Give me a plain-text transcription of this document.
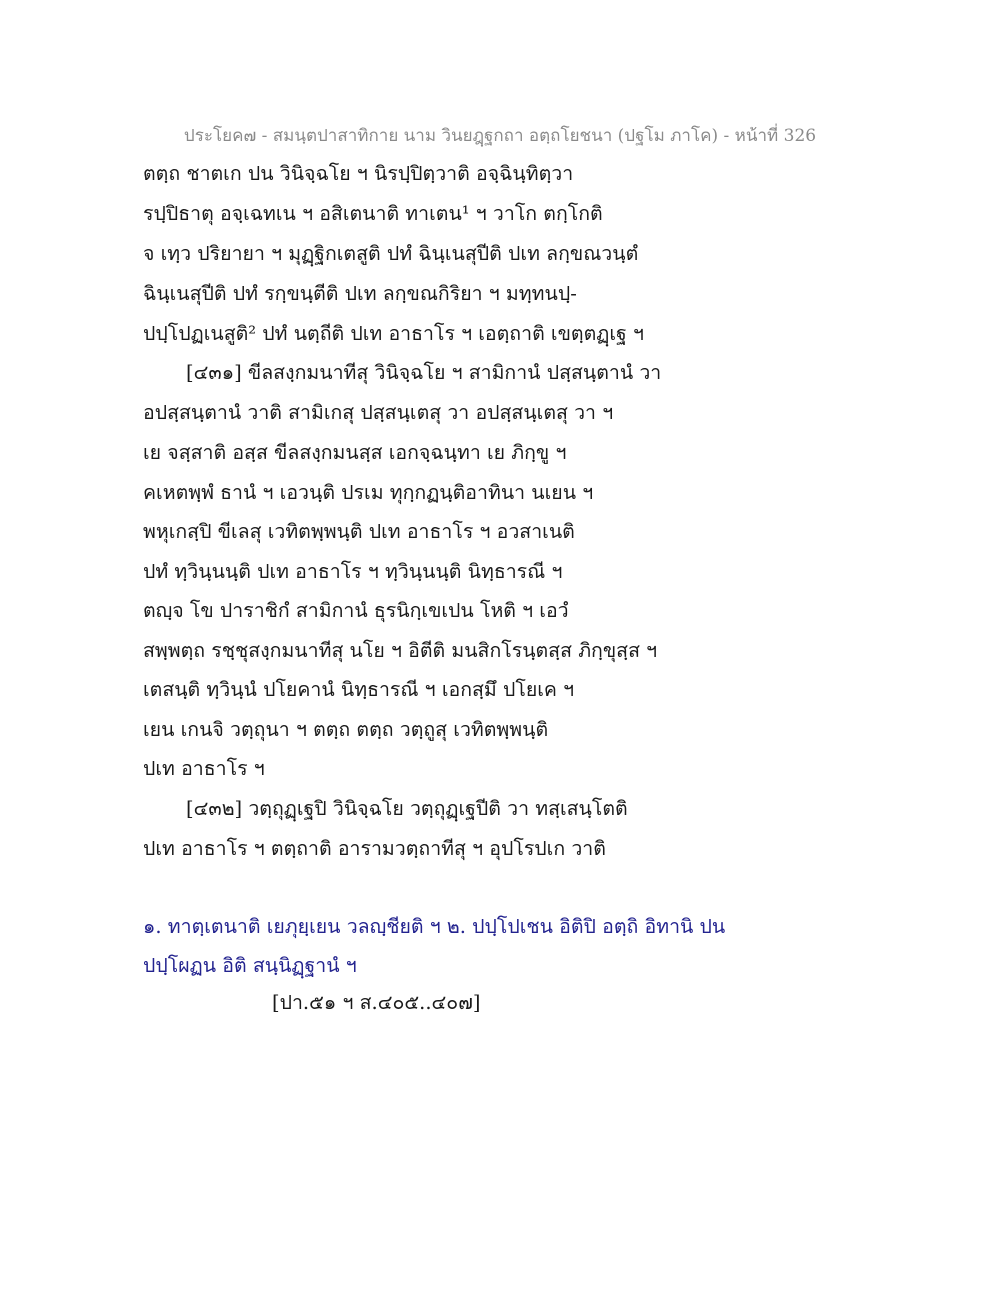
ประโยค๗ - สมนฺตปาสาทิกาย นาม วินยฎฺฐกถา อตฺถโยชนา (ปฐโม ภาโค) - หน้าที่ 326
ตตฺถ ชาตเก ปน วินิจฺฉโย ฯ นิรปฺปิตฺวาติ อจฺฉินฺทิตฺวา
รปฺปิธาตุ อจฺเฉทเน ฯ อสิเตนาติ ทาเตน¹ ฯ วาโก ตกฺโกติ
จ เทฺว ปริยายา ฯ มุฏฺฐิกเตสูติ ปทํ ฉินฺเนสุปีติ ปเท ลกฺขณวนฺตํ
ฉินฺเนสุปีติ ปทํ รกฺขนฺตีติ ปเท ลกฺขณกิริยา ฯ มทฺทนปฺ-
ปปฺโปฏเนสูติ² ปทํ นตฺถีติ ปเท อาธาโร ฯ เอตฺถาติ เขตฺตฏฺเฐ ฯ
[๔๓๑] ขีลสงฺกมนาทีสุ วินิจฺฉโย ฯ สามิกานํ ปสฺสนฺตานํ วา
อปสฺสนฺตานํ วาติ สามิเกสุ ปสฺสนฺเตสุ วา อปสฺสนฺเตสุ วา ฯ
เย จสฺสาติ อสฺส ขีลสงฺกมนสฺส เอกจฺฉนฺทา เย ภิกฺขู ฯ
คเหตพฺพํ ธานํ ฯ เอวนฺติ ปรเม ทุกฺกฏนฺติอาทินา นเยน ฯ
พหุเกสฺปิ ขีเลสุ เวทิตพฺพนฺติ ปเท อาธาโร ฯ อวสาเนติ
ปทํ ทฺวินฺนนฺติ ปเท อาธาโร ฯ ทฺวินฺนนฺติ นิทฺธารณี ฯ
ตญฺจ โข ปาราชิกํ สามิกานํ ธุรนิกฺเขเปน โหติ ฯ เอวํ
สพฺพตฺถ รชฺชุสงฺกมนาทีสุ นโย ฯ อิตีติ มนสิกโรนฺตสฺส ภิกฺขุสฺส ฯ
เตสนฺติ ทฺวินฺนํ ปโยคานํ นิทฺธารณี ฯ เอกสฺมึ ปโยเค ฯ
เยน เกนจิ วตฺถุนา ฯ ตตฺถ ตตฺถ วตฺถูสุ เวทิตพฺพนฺติ
ปเท อาธาโร ฯ
[๔๓๒] วตฺถุฏฺเฐปิ วินิจฺฉโย วตฺถุฏฺเฐปีติ วา ทสฺเสนฺโตติ
ปเท อาธาโร ฯ ตตฺถาติ อารามวตฺถาทีสุ ฯ อุปโรปเก วาติ
๑. ทาตฺเตนาติ เยภุยฺเยน วลญฺชียติ ฯ ๒. ปปฺโปเชน อิติปิ อตฺถิ อิทานิ ปน
ปปฺโผฏน อิติ สนฺนิฏฺฐานํ ฯ
[ปา.๕๑ ฯ ส.๔๐๕..๔๐๗]
